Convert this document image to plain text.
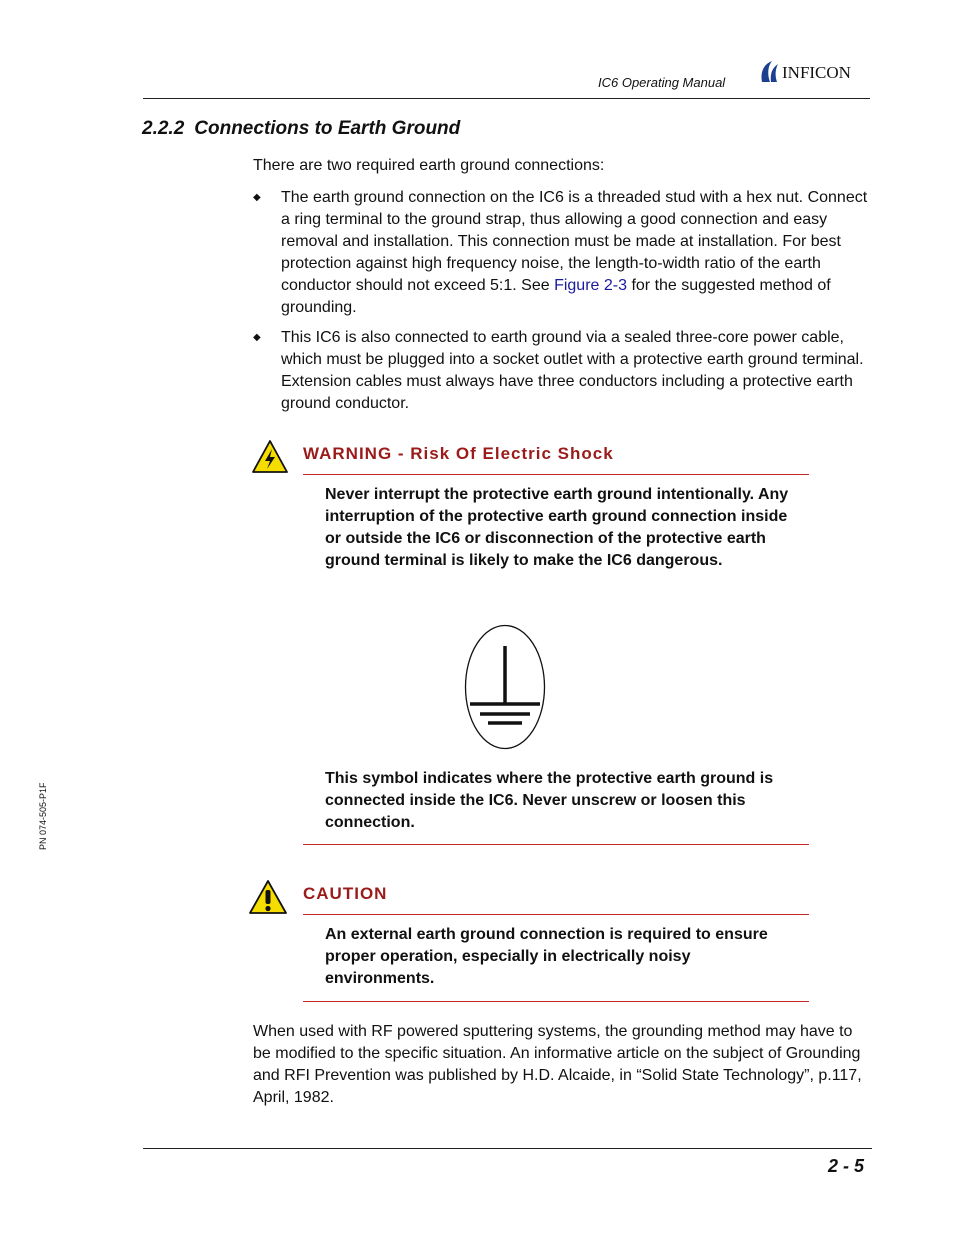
IC6 Operating Manual
INFICON
2.2.2 Connections to Earth Ground
There are two required earth ground connections:
◆ The earth ground connection on the IC6 is a threaded stud with a hex nut. Connect a ring terminal to the ground strap, thus allowing a good connection and easy removal and installation. This connection must be made at installation. For best protection against high frequency noise, the length-to-width ratio of the earth conductor should not exceed 5:1. See Figure 2-3 for the suggested method of grounding.
◆ This IC6 is also connected to earth ground via a sealed three-core power cable, which must be plugged into a socket outlet with a protective earth ground terminal. Extension cables must always have three conductors including a protective earth ground conductor.
WARNING - Risk Of Electric Shock
Never interrupt the protective earth ground intentionally. Any interruption of the protective earth ground connection inside or outside the IC6 or disconnection of the protective earth ground terminal is likely to make the IC6 dangerous.
This symbol indicates where the protective earth ground is connected inside the IC6. Never unscrew or loosen this connection.
CAUTION
An external earth ground connection is required to ensure proper operation, especially in electrically noisy environments.
When used with RF powered sputtering systems, the grounding method may have to be modified to the specific situation. An informative article on the subject of Grounding and RFI Prevention was published by H.D. Alcaide, in “Solid State Technology”, p.117, April, 1982.
2 - 5
PN 074-505-P1F
